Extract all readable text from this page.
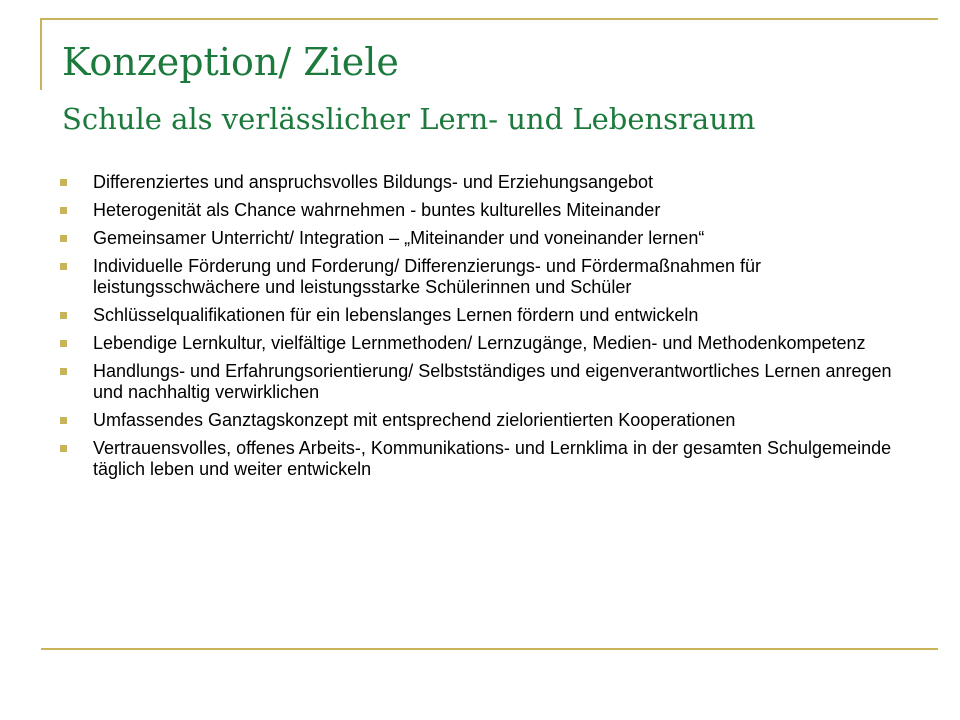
Konzeption/ Ziele
Schule als verlässlicher Lern- und Lebensraum
Differenziertes und anspruchsvolles Bildungs- und Erziehungsangebot
Heterogenität als Chance wahrnehmen - buntes kulturelles Miteinander
Gemeinsamer Unterricht/ Integration – „Miteinander und voneinander lernen“
Individuelle Förderung und Forderung/ Differenzierungs- und Fördermaßnahmen für leistungsschwächere und leistungsstarke Schülerinnen und Schüler
Schlüsselqualifikationen für ein lebenslanges Lernen fördern und entwickeln
Lebendige Lernkultur, vielfältige Lernmethoden/ Lernzugänge, Medien- und Methodenkompetenz
Handlungs- und Erfahrungsorientierung/ Selbstständiges und eigenverantwortliches Lernen anregen und nachhaltig verwirklichen
Umfassendes Ganztagskonzept mit entsprechend zielorientierten Kooperationen
Vertrauensvolles, offenes Arbeits-, Kommunikations- und Lernklima in der gesamten Schulgemeinde täglich leben und weiter entwickeln
